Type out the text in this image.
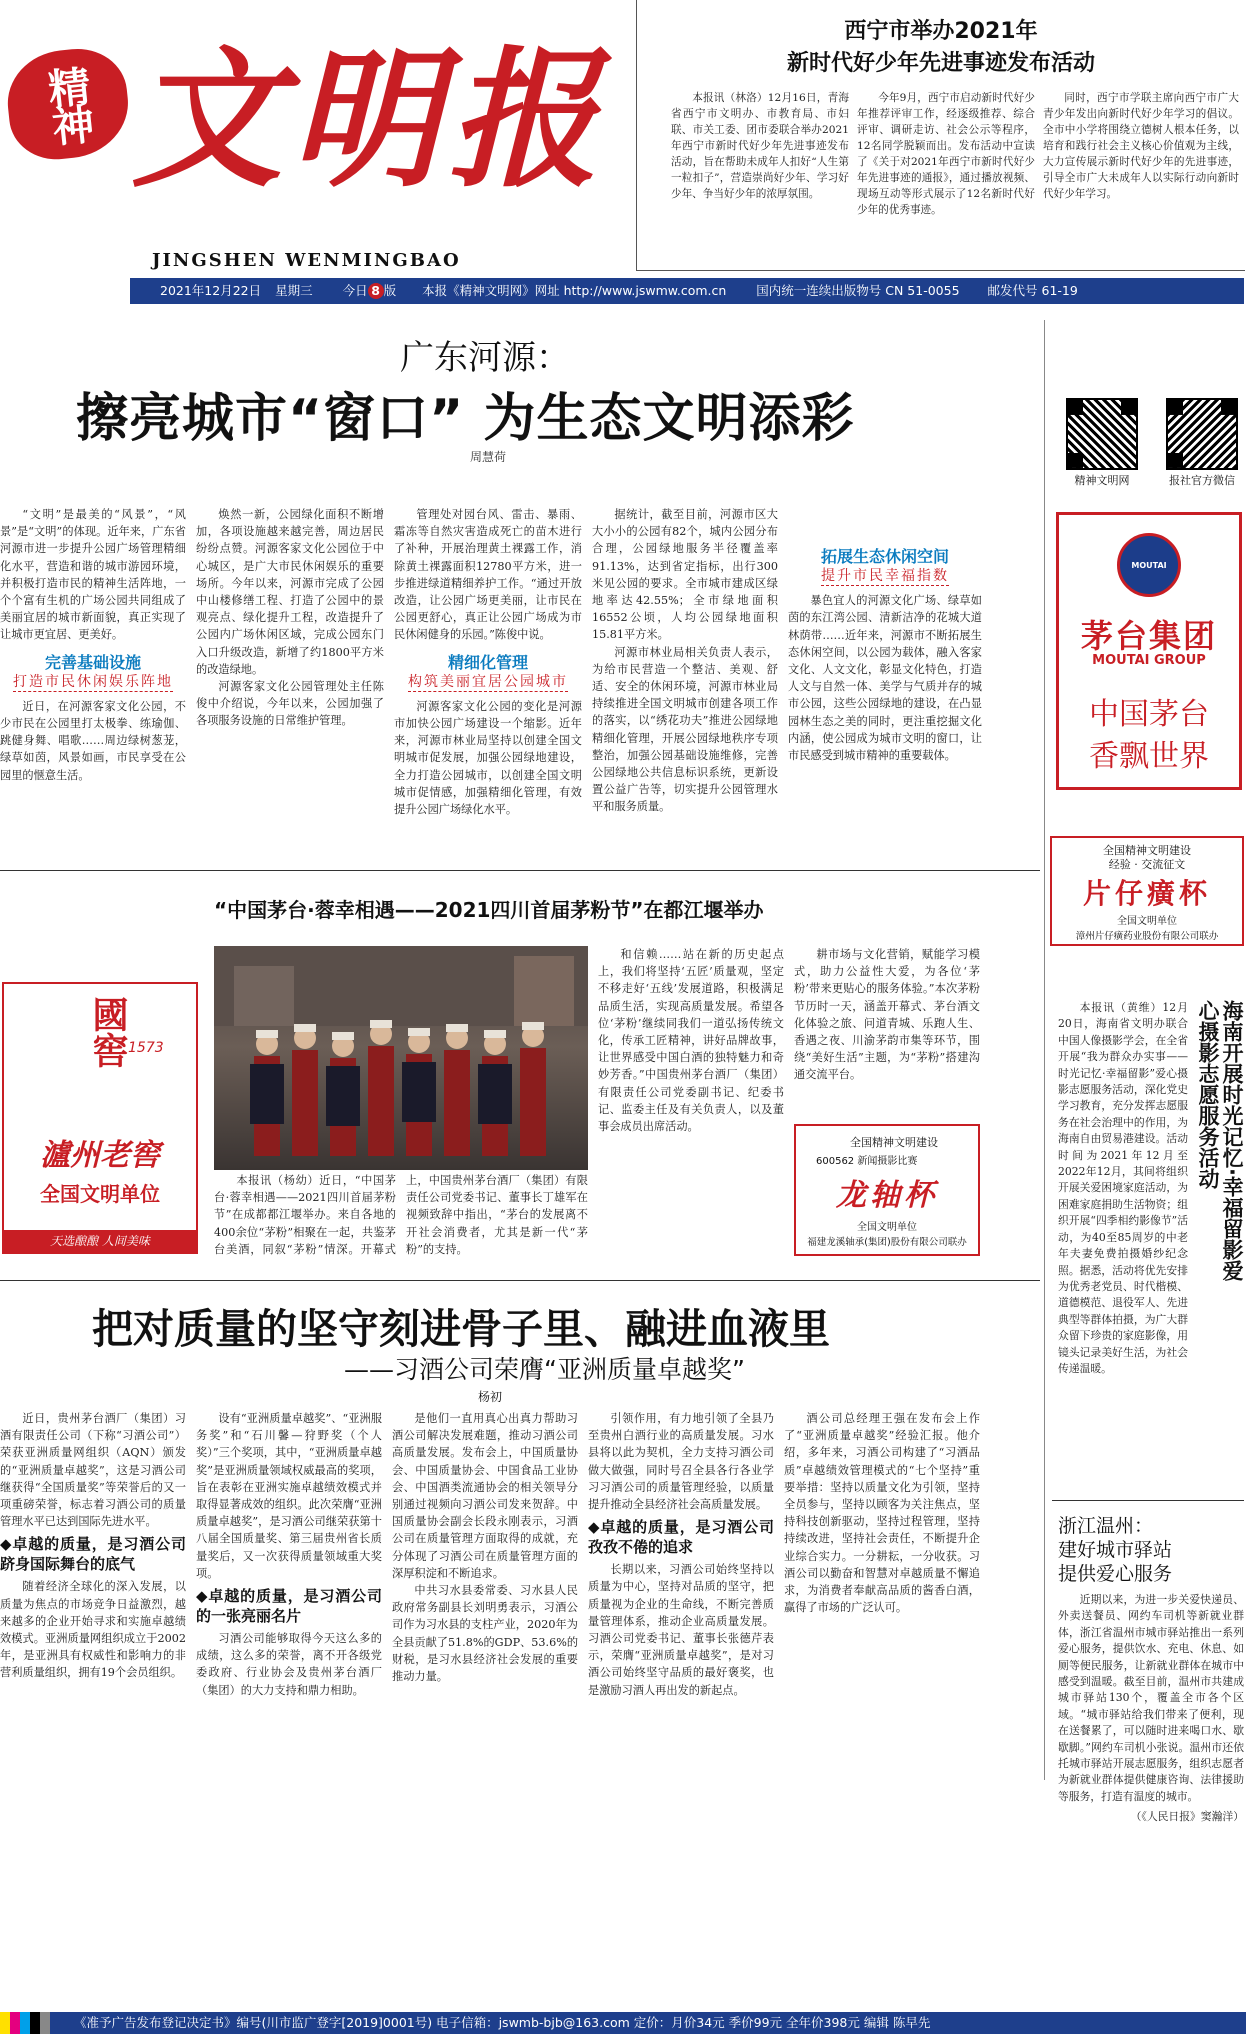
精神 文明报
JINGSHEN WENMINGBAO
西宁市举办2021年
新时代好少年先进事迹发布活动

本报讯（林洛）12月16日，青海省西宁市文明办、市教育局、市妇联、市关工委、团市委联合举办2021年西宁市新时代好少年先进事迹发布活动，旨在帮助未成年人扣好“人生第一粒扣子”，营造崇尚好少年、学习好少年、争当好少年的浓厚氛围。

今年9月，西宁市启动新时代好少年推荐评审工作，经逐级推荐、综合评审、调研走访、社会公示等程序，12名同学脱颖而出。发布活动中宣读了《关于对2021年西宁市新时代好少年先进事迹的通报》，通过播放视频、现场互动等形式展示了12名新时代好少年的优秀事迹。

同时，西宁市学联主席向西宁市广大青少年发出向新时代好少年学习的倡议。全市中小学将围绕立德树人根本任务，以培育和践行社会主义核心价值观为主线，大力宣传展示新时代好少年的先进事迹，引导全市广大未成年人以实际行动向新时代好少年学习。

2021年12月22日 星期三 今日 8 版 本报《精神文明网》网址 http://www.jswmw.com.cn 国内统一连续出版物号 CN 51-0055 邮发代号 61-19
广东河源：
擦亮城市“窗口” 为生态文明添彩
周慧荷

“文明”是最美的“风景”，“风景”是“文明”的体现。近年来，广东省河源市进一步提升公园广场管理精细化水平，营造和谐的城市游园环境，并积极打造市民的精神生活阵地，一个个富有生机的广场公园共同组成了美丽宜居的城市新面貌，真正实现了让城市更宜居、更美好。

完善基础设施
打造市民休闲娱乐阵地

近日，在河源客家文化公园，不少市民在公园里打太极拳、练瑜伽、跳健身舞、唱歌……周边绿树葱茏，绿草如茵，风景如画，市民享受在公园里的惬意生活。

焕然一新，公园绿化面积不断增加，各项设施越来越完善，周边居民纷纷点赞。河源客家文化公园位于中心城区，是广大市民休闲娱乐的重要场所。今年以来，河源市完成了公园中山楼修缮工程、打造了公园中的景观亮点、绿化提升工程，改造提升了公园内广场休闲区域，完成公园东门入口升级改造，新增了约1800平方米的改造绿地。

河源客家文化公园管理处主任陈俊中介绍说，今年以来，公园加强了各项服务设施的日常维护管理。

管理处对园台风、雷击、暴雨、霜冻等自然灾害造成死亡的苗木进行了补种，开展治理黄土裸露工作，消除黄土裸露面积12780平方米，进一步推进绿道精细养护工作。“通过开放改造，让公园广场更美丽，让市民在公园更舒心，真正让公园广场成为市民休闲健身的乐园。”陈俊中说。

精细化管理
构筑美丽宜居公园城市

河源客家文化公园的变化是河源市加快公园广场建设一个缩影。近年来，河源市林业局坚持以创建全国文明城市促发展，加强公园绿地建设，全力打造公园城市，以创建全国文明城市促情感，加强精细化管理，有效提升公园广场绿化水平。

据统计，截至目前，河源市区大大小小的公园有82个，城内公园分布合理，公园绿地服务半径覆盖率91.13%，达到省定指标，出行300米见公园的要求。全市城市建成区绿地率达42.55%；全市绿地面积16552公顷，人均公园绿地面积15.81平方米。

河源市林业局相关负责人表示，为给市民营造一个整洁、美观、舒适、安全的休闲环境，河源市林业局持续推进全国文明城市创建各项工作的落实，以“绣花功夫”推进公园绿地精细化管理，开展公园绿地秩序专项整治，加强公园基础设施维修，完善公园绿地公共信息标识系统，更新设置公益广告等，切实提升公园管理水平和服务质量。

拓展生态休闲空间
提升市民幸福指数

暴色宜人的河源文化广场、绿草如茵的东江湾公园、清新洁净的花城大道林荫带……近年来，河源市不断拓展生态休闲空间，以公园为载体，融入客家文化、人文文化，彰显文化特色，打造人文与自然一体、美学与气质并存的城市公园，这些公园绿地的建设，在凸显园林生态之美的同时，更注重挖掘文化内涵，使公园成为城市文明的窗口，让市民感受到城市精神的重要载体。

精神文明网	报社官方微信
MOUTAI
茅台集团
MOUTAI GROUP
中国茅台
香飘世界
全国精神文明建设
经验 · 交流征文
片仔癀杯
全国文明单位
漳州片仔癀药业股份有限公司联办
“中国茅台·蓉幸相遇——2021四川首届茅粉节”在都江堰举办
國窖 1573
瀘州老窖
全国文明单位
天选酿酿 人间美味

本报讯（杨幼）近日，“中国茅台·蓉幸相遇——2021四川首届茅粉节”在成都都江堰举办。来自各地的400余位“茅粉”相聚在一起，共鉴茅台美酒，同叙“茅粉”情深。开幕式上，中国贵州茅台酒厂（集团）有限责任公司党委书记、董事长丁雄军在视频致辞中指出，“茅台的发展离不开社会消费者，尤其是新一代“茅粉”的支持。

和信赖……站在新的历史起点上，我们将坚持‘五匠’质量观，坚定不移走好‘五线’发展道路，积极满足品质生活，实现高质量发展。希望各位‘茅粉’继续同我们一道弘扬传统文化，传承工匠精神，讲好品牌故事，让世界感受中国白酒的独特魅力和奇妙芳香。”中国贵州茅台酒厂（集团）有限责任公司党委副书记、纪委书记、监委主任及有关负责人，以及董事会成员出席活动。

耕市场与文化营销，赋能学习模式，助力公益性大爱，为各位‘茅粉’带来更贴心的服务体验。”本次茅粉节历时一天，涵盖开幕式、茅台酒文化体验之旅、问道青城、乐跑人生、香遇之夜、川渝茅韵市集等环节，围绕“美好生活”主题，为“茅粉”搭建沟通交流平台。

全国精神文明建设
600562 新闻摄影比赛
龙轴杯
全国文明单位
福建龙溪轴承(集团)股份有限公司联办	海南开展时光记忆·幸福留影爱心摄影志愿服务活动

本报讯（黄维）12月20日，海南省文明办联合中国人像摄影学会，在全省开展“我为群众办实事——时光记忆·幸福留影”爱心摄影志愿服务活动，深化党史学习教育，充分发挥志愿服务在社会治理中的作用，为海南自由贸易港建设。活动时间为2021年12月至2022年12月，其间将组织开展关爱困境家庭活动，为困难家庭捐助生活物资；组织开展“四季相约影像节”活动，为40至85周岁的中老年夫妻免费拍摄婚纱纪念照。据悉，活动将优先安排为优秀老党员、时代楷模、道德模范、退役军人、先进典型等群体拍摄，为广大群众留下珍贵的家庭影像，用镜头记录美好生活，为社会传递温暖。

把对质量的坚守刻进骨子里、融进血液里
——习酒公司荣膺“亚洲质量卓越奖”
杨初

近日，贵州茅台酒厂（集团）习酒有限责任公司（下称“习酒公司”）荣获亚洲质量网组织（AQN）颁发的“亚洲质量卓越奖”，这是习酒公司继获得“全国质量奖”等荣誉后的又一项重磅荣誉，标志着习酒公司的质量管理水平已达到国际先进水平。

◆卓越的质量，是习酒公司跻身国际舞台的底气

随着经济全球化的深入发展，以质量为焦点的市场竞争日益激烈，越来越多的企业开始寻求和实施卓越绩效模式。亚洲质量网组织成立于2002年，是亚洲具有权威性和影响力的非营利质量组织，拥有19个会员组织。

设有“亚洲质量卓越奖”、“亚洲服务奖”和“石川馨—狩野奖（个人奖）”三个奖项，其中，“亚洲质量卓越奖”是亚洲质量领域权威最高的奖项，旨在表彰在亚洲实施卓越绩效模式并取得显著成效的组织。此次荣膺“亚洲质量卓越奖”，是习酒公司继荣获第十八届全国质量奖、第三届贵州省长质量奖后，又一次获得质量领域重大奖项。

◆卓越的质量，是习酒公司的一张亮丽名片

习酒公司能够取得今天这么多的成绩，这么多的荣誉，离不开各级党委政府、行业协会及贵州茅台酒厂（集团）的大力支持和鼎力相助。

是他们一直用真心出真力帮助习酒公司解决发展难题，推动习酒公司高质量发展。发布会上，中国质量协会、中国质量协会、中国食品工业协会、中国酒类流通协会的相关领导分别通过视频向习酒公司发来贺辞。中国质量协会副会长段永刚表示，习酒公司在质量管理方面取得的成就，充分体现了习酒公司在质量管理方面的深厚积淀和不断追求。

中共习水县委常委、习水县人民政府常务副县长刘明勇表示，习酒公司作为习水县的支柱产业，2020年为全县贡献了51.8%的GDP、53.6%的财税，是习水县经济社会发展的重要推动力量。

引领作用，有力地引领了全县乃至贵州白酒行业的高质量发展。习水县将以此为契机，全力支持习酒公司做大做强，同时号召全县各行各业学习习酒公司的质量管理经验，以质量提升推动全县经济社会高质量发展。

◆卓越的质量，是习酒公司孜孜不倦的追求

长期以来，习酒公司始终坚持以质量为中心，坚持对品质的坚守，把质量视为企业的生命线，不断完善质量管理体系，推动企业高质量发展。习酒公司党委书记、董事长张德芹表示，荣膺“亚洲质量卓越奖”，是对习酒公司始终坚守品质的最好褒奖，也是激励习酒人再出发的新起点。

酒公司总经理王强在发布会上作了“亚洲质量卓越奖”经验汇报。他介绍，多年来，习酒公司构建了“习酒品质”卓越绩效管理模式的“七个坚持”重要举措：坚持以质量文化为引领，坚持全员参与，坚持以顾客为关注焦点，坚持科技创新驱动，坚持过程管理，坚持持续改进，坚持社会责任，不断提升企业综合实力。一分耕耘，一分收获。习酒公司以勤奋和智慧对卓越质量不懈追求，为消费者奉献高品质的酱香白酒，赢得了市场的广泛认可。

浙江温州：
建好城市驿站
提供爱心服务

近期以来，为进一步关爱快递员、外卖送餐员、网约车司机等新就业群体，浙江省温州市城市驿站推出一系列爱心服务，提供饮水、充电、休息、如厕等便民服务，让新就业群体在城市中感受到温暖。截至目前，温州市共建成城市驿站130个，覆盖全市各个区域。“城市驿站给我们带来了便利，现在送餐累了，可以随时进来喝口水、歇歇脚。”网约车司机小张说。温州市还依托城市驿站开展志愿服务，组织志愿者为新就业群体提供健康咨询、法律援助等服务，打造有温度的城市。

（《人民日报》窦瀚洋）
《准予广告发布登记决定书》编号(川市监广登字[2019]0001号) 电子信箱：jswmb-bjb@163.com 定价：月价34元 季价99元 全年价398元 编辑 陈早先
